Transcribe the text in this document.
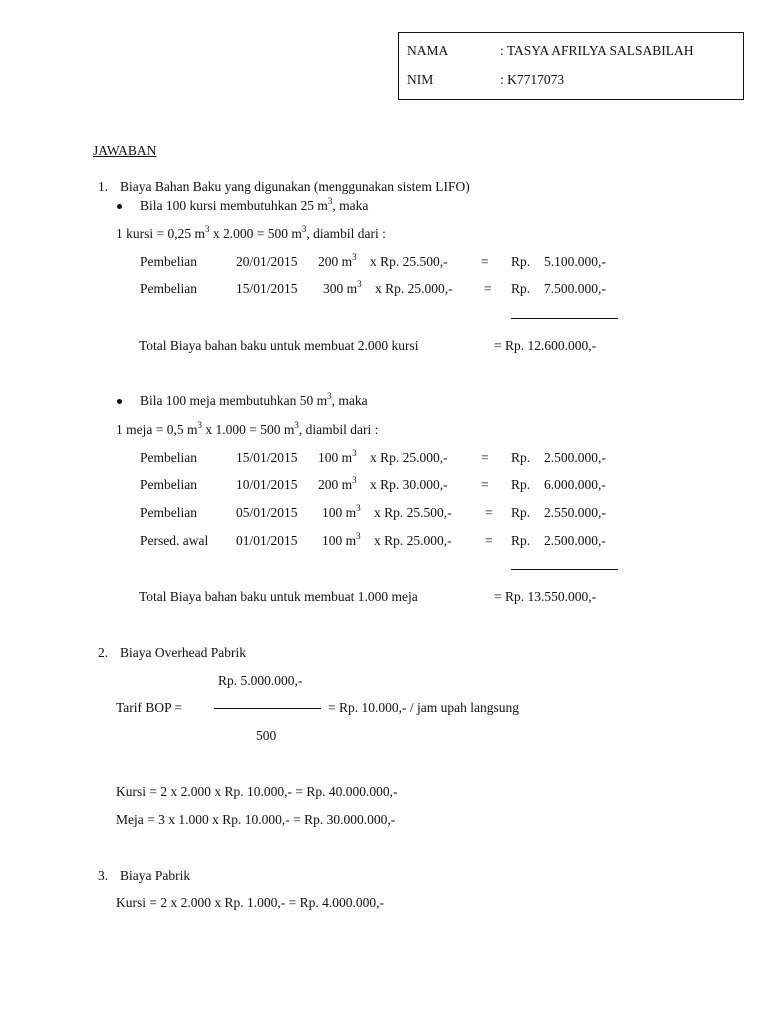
NAMA	: TASYA AFRILYA SALSABILAH
NIM	: K7717073
JAWABAN
1. Biaya Bahan Baku yang digunakan (menggunakan sistem LIFO)
Bila 100 kursi membutuhkan 25 $m^3$, maka
1 kursi = 0,25 $m^3$ x 2.000 = 500 $m^3$, diambil dari :
Pembelian	20/01/2015 200 $m^3$ x Rp. 25.500,- = Rp. 5.100.000,-
Pembelian	15/01/2015 300 $m^3$ x Rp. 25.000,- = Rp. 7.500.000,-
Total Biaya bahan baku untuk membuat 2.000 kursi	= Rp. 12.600.000,-
Bila 100 meja membutuhkan 50 $m^3$, maka
1 meja = 0,5 $m^3$ x 1.000 = 500 $m^3$, diambil dari :
Pembelian	15/01/2015 100 $m^3$ x Rp. 25.000,- = Rp. 2.500.000,-
Pembelian	10/01/2015 200 $m^3$ x Rp. 30.000,- = Rp. 6.000.000,-
Pembelian	05/01/2015 100 $m^3$ x Rp. 25.500,- = Rp. 2.550.000,-
Persed. awal 01/01/2015 100 $m^3$ x Rp. 25.000,- = Rp. 2.500.000,-
Total Biaya bahan baku untuk membuat 1.000 meja	= Rp. 13.550.000,-
2. Biaya Overhead Pabrik
Rp. 5.000.000,-
Tarif BOP =	= Rp. 10.000,- / jam upah langsung
500
Kursi = 2 x 2.000 x Rp. 10.000,- = Rp. 40.000.000,-
Meja = 3 x 1.000 x Rp. 10.000,- = Rp. 30.000.000,-
3. Biaya Pabrik
Kursi = 2 x 2.000 x Rp. 1.000,- = Rp. 4.000.000,-
